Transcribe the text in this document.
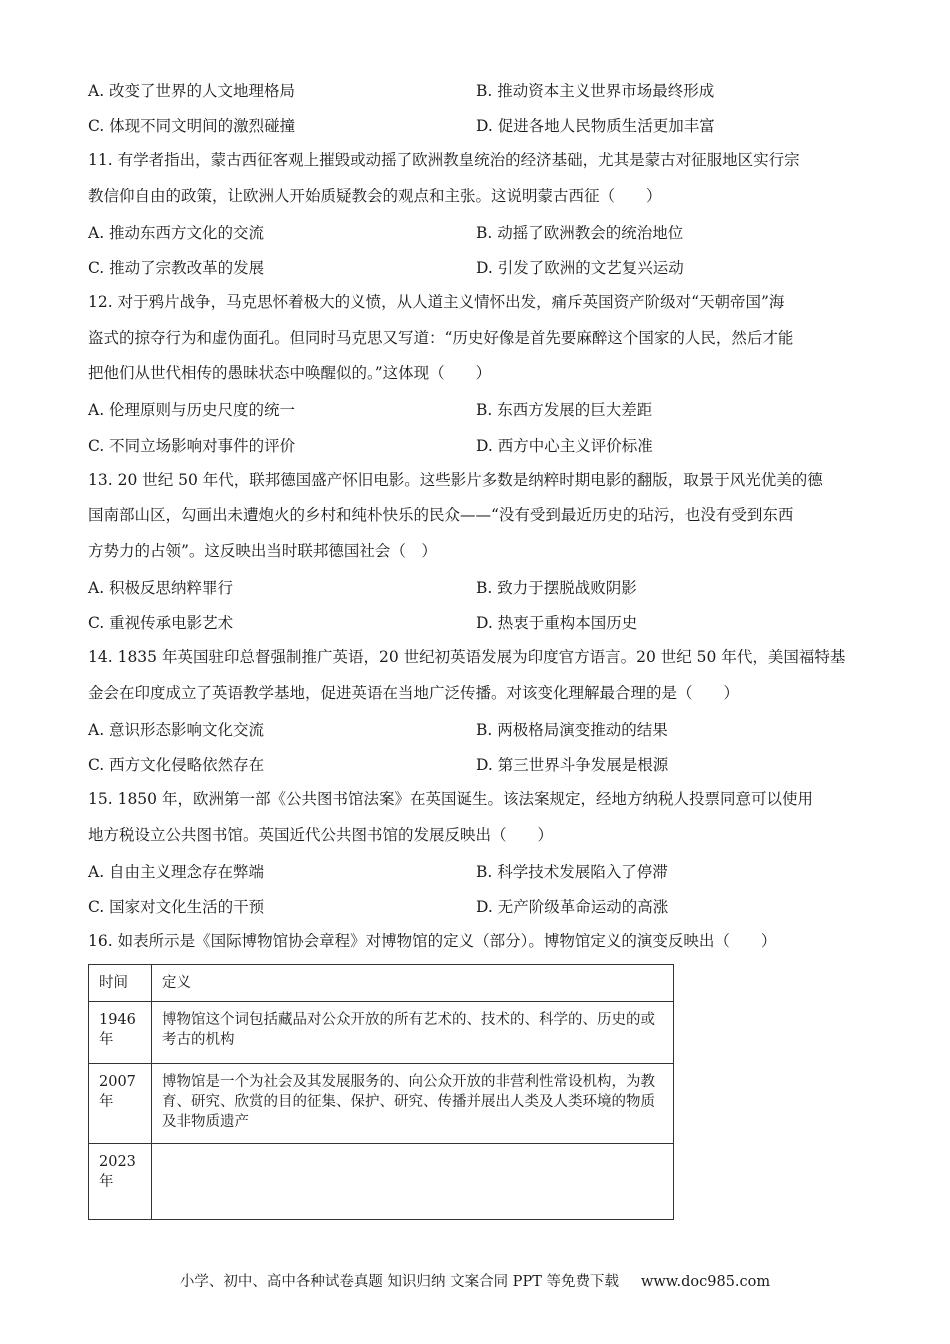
A. 改变了世界的人文地理格局	B. 推动资本主义世界市场最终形成
C. 体现不同文明间的激烈碰撞	D. 促进各地人民物质生活更加丰富
11. 有学者指出，蒙古西征客观上摧毁或动摇了欧洲教皇统治的经济基础，尤其是蒙古对征服地区实行宗
教信仰自由的政策，让欧洲人开始质疑教会的观点和主张。这说明蒙古西征（　　）
A. 推动东西方文化的交流	B. 动摇了欧洲教会的统治地位
C. 推动了宗教改革的发展	D. 引发了欧洲的文艺复兴运动
12. 对于鸦片战争，马克思怀着极大的义愤，从人道主义情怀出发，痛斥英国资产阶级对“天朝帝国”海
盗式的掠夺行为和虚伪面孔。但同时马克思又写道：“历史好像是首先要麻醉这个国家的人民，然后才能
把他们从世代相传的愚昧状态中唤醒似的。”这体现（　　）
A. 伦理原则与历史尺度的统一	B. 东西方发展的巨大差距
C. 不同立场影响对事件的评价	D. 西方中心主义评价标准
13. 20 世纪 50 年代，联邦德国盛产怀旧电影。这些影片多数是纳粹时期电影的翻版，取景于风光优美的德
国南部山区，勾画出未遭炮火的乡村和纯朴快乐的民众——“没有受到最近历史的玷污，也没有受到东西
方势力的占领”。这反映出当时联邦德国社会（　）
A. 积极反思纳粹罪行	B. 致力于摆脱战败阴影
C. 重视传承电影艺术	D. 热衷于重构本国历史
14. 1835 年英国驻印总督强制推广英语，20 世纪初英语发展为印度官方语言。20 世纪 50 年代，美国福特基
金会在印度成立了英语教学基地，促进英语在当地广泛传播。对该变化理解最合理的是（　　）
A. 意识形态影响文化交流	B. 两极格局演变推动的结果
C. 西方文化侵略依然存在	D. 第三世界斗争发展是根源
15. 1850 年，欧洲第一部《公共图书馆法案》在英国诞生。该法案规定，经地方纳税人投票同意可以使用
地方税设立公共图书馆。英国近代公共图书馆的发展反映出（　　）
A. 自由主义理念存在弊端	B. 科学技术发展陷入了停滞
C. 国家对文化生活的干预	D. 无产阶级革命运动的高涨
16. 如表所示是《国际博物馆协会章程》对博物馆的定义（部分）。博物馆定义的演变反映出（　　）
时间	定义
1946 年	博物馆这个词包括藏品对公众开放的所有艺术的、技术的、科学的、历史的或考古的机构
2007 年	博物馆是一个为社会及其发展服务的、向公众开放的非营利性常设机构，为教育、研究、欣赏的目的征集、保护、研究、传播并展出人类及人类环境的物质及非物质遗产
2023 年	
小学、初中、高中各种试卷真题 知识归纳 文案合同 PPT 等免费下载 www.doc985.com
